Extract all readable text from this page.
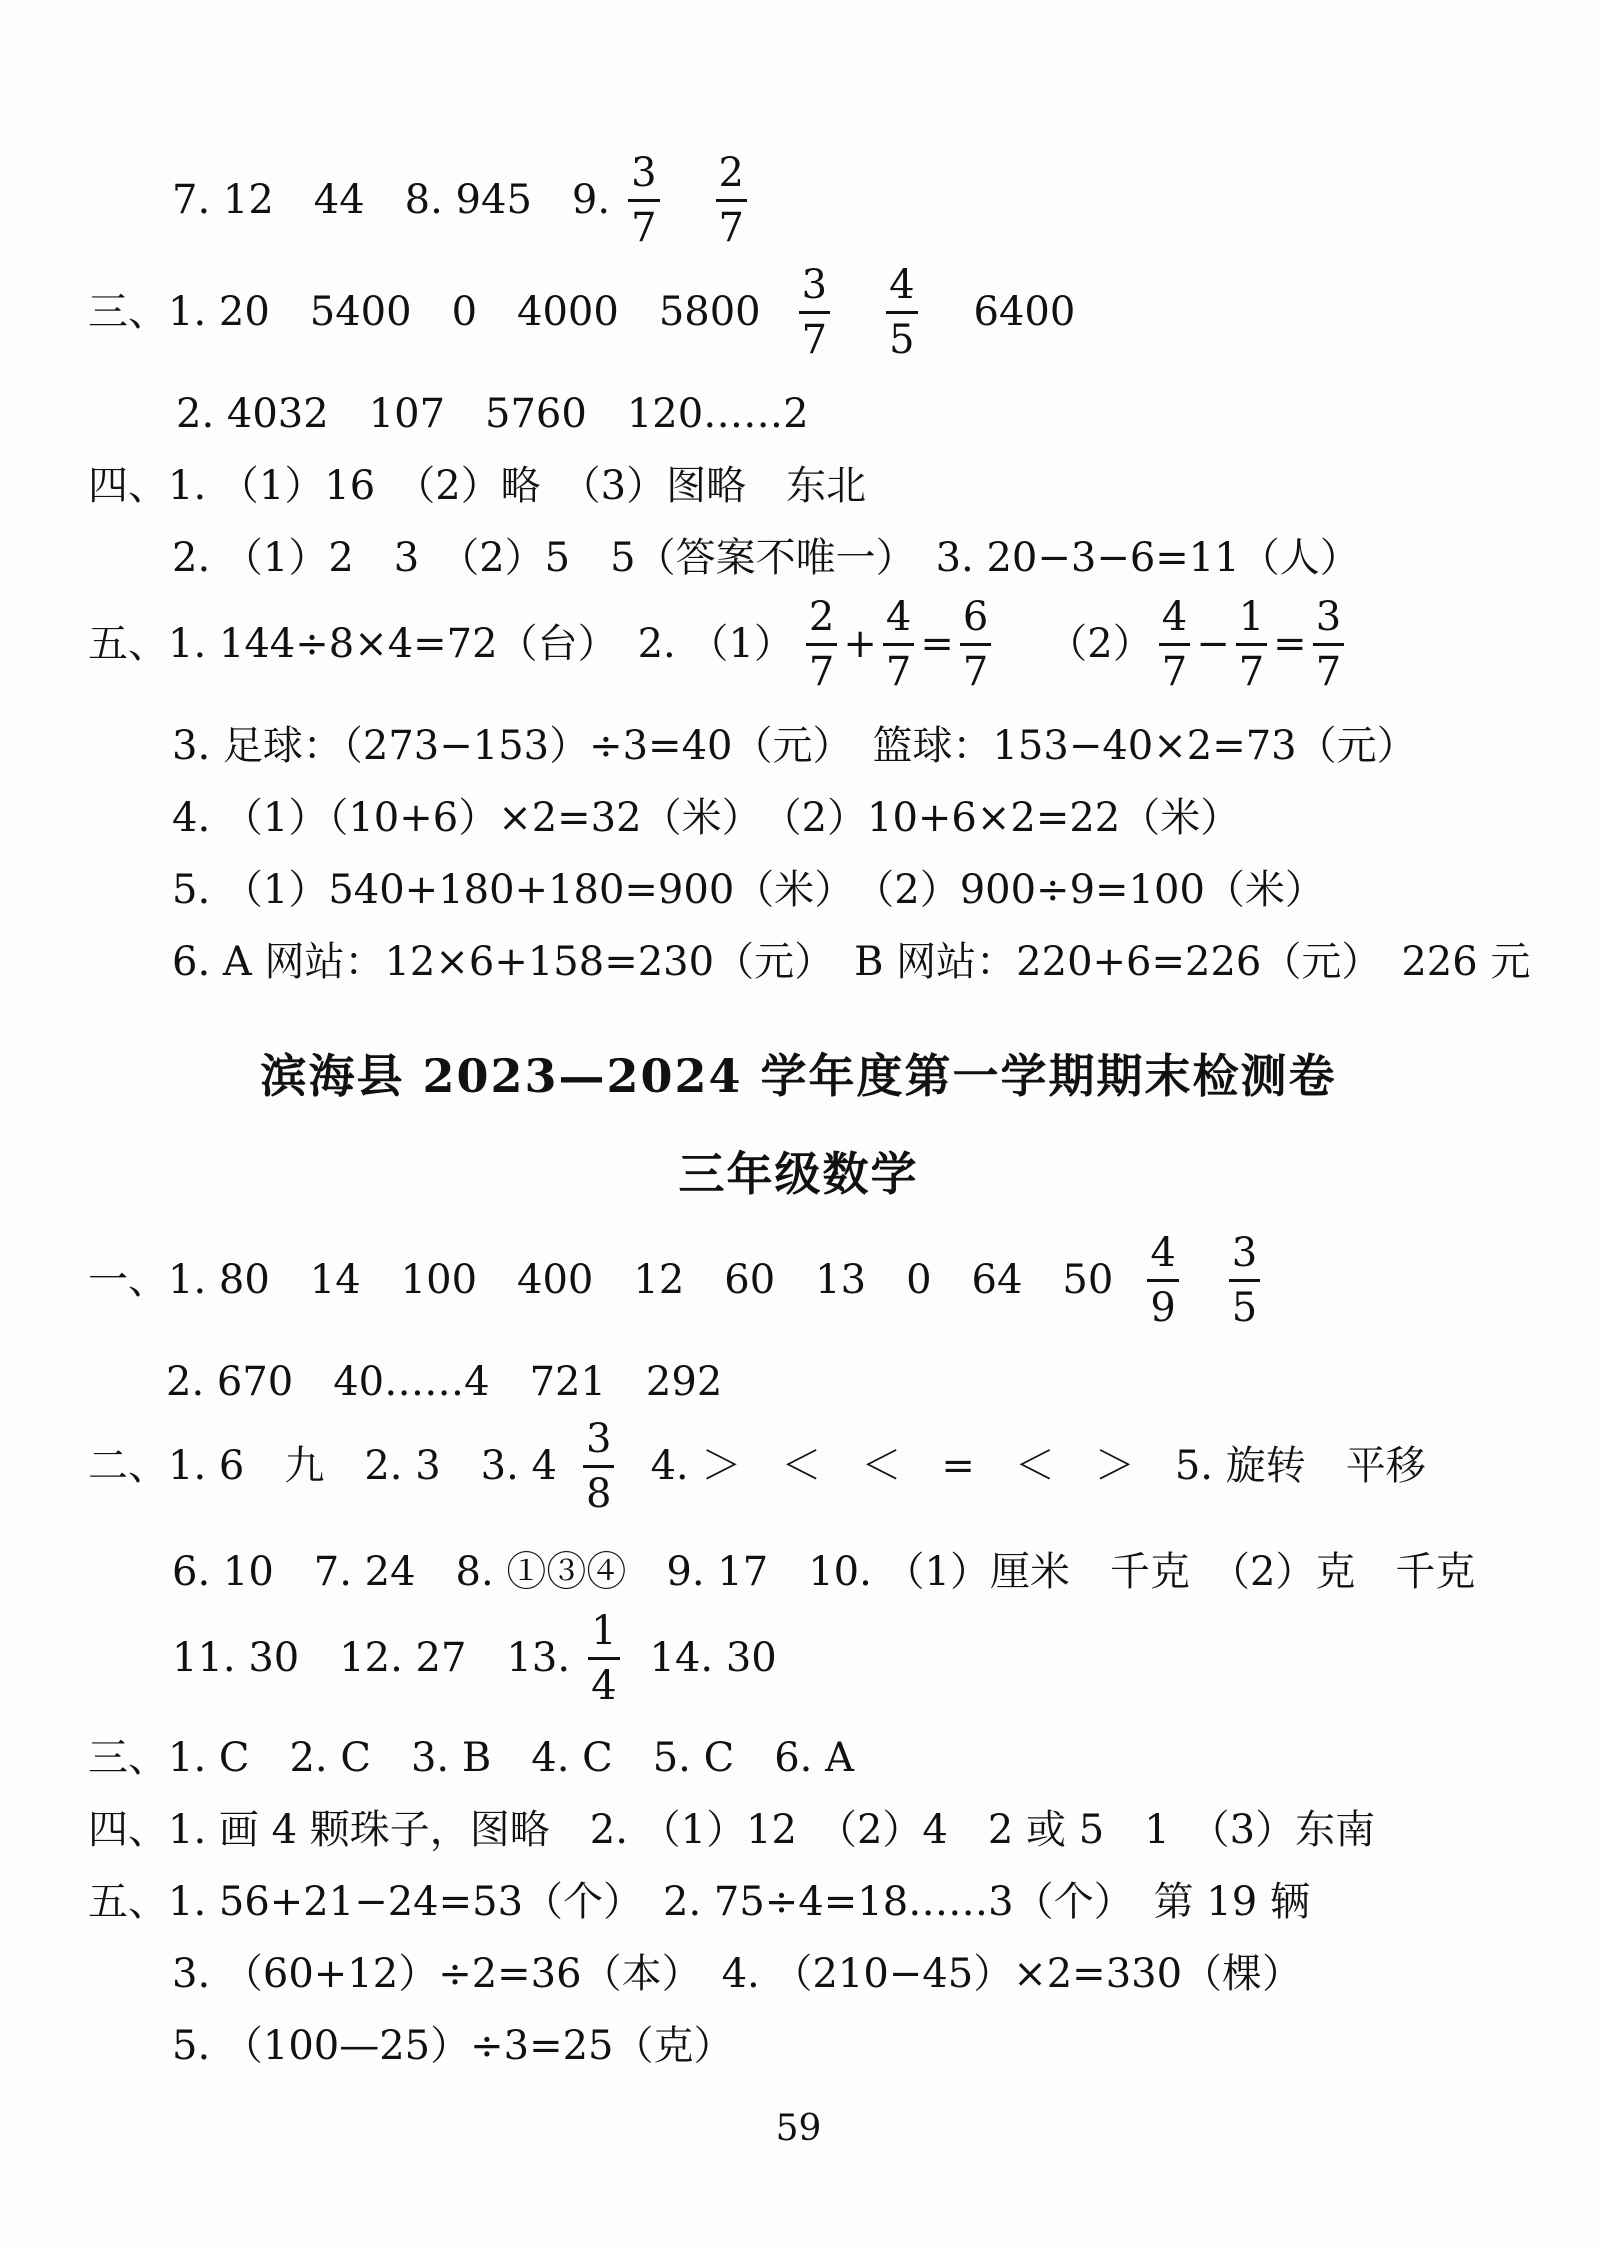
7. 12　44　8. 945　9. $\frac{3}{7} \frac{2}{7}$
三、1. 20　5400　0　4000　$5800 \frac{3}{7} \frac{4}{5} 6400$
2. 4032　107　5760　120……2
四、1. （1）16　（2）略　（3）图略　东北
2. （1）2　3　（2）5　5（答案不唯一）　3. 20−3−6=11（人）
五、1. 144÷8×4=72（台）　2. $(1) \frac{2}{7} + \frac{4}{7} = \frac{6}{7} (2) \frac{4}{7} - \frac{1}{7} = \frac{3}{7}$
3. 足球：（273−153）÷3=40（元）　篮球：153−40×2=73（元）
4. （1）（10+6）×2=32（米）　（2）10+6×2=22（米）
5. （1）540+180+180=900（米）　（2）900÷9=100（米）
6. A 网站：12×6+158=230（元）　B 网站：220+6=226（元）　226 元
滨海县 2023—2024 学年度第一学期期末检测卷
三年级数学
一、1. 80　14　100　400　12　60　13　0　64　$50 \frac{4}{9} \frac{3}{5}$
2. 670　40……4　721　292
二、1. 6　九　2. 3　3. $4 \frac{3}{8} 4$. ＞　＜　＜　=　＜　＞　5. 旋转　平移
6. 10　7. 24　8. ①③④　9. 17　10. （1）厘米　千克　（2）克　千克
11. 30　12. 27　13. $\frac{1}{4} 14$. 30
三、1. C　2. C　3. B　4. C　5. C　6. A
四、1. 画 4 颗珠子，图略　2. （1）12　（2）4　2 或 5　1　（3）东南
五、1. 56+21−24=53（个）　2. 75÷4=18……3（个）　第 19 辆
3. （60+12）÷2=36（本）　4. （210−45）×2=330（棵）
5. （100—25）÷3=25（克）
59
